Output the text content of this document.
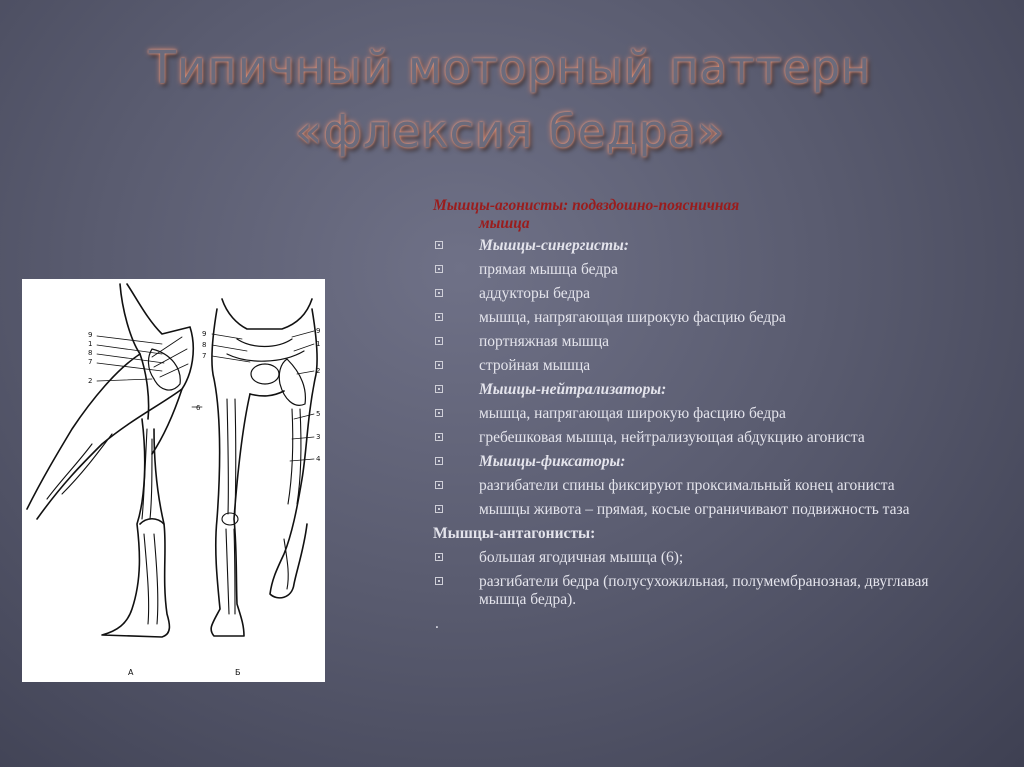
Типичный моторный паттерн
«флексия бедра»
9
1
8
7
2
6
9
8
7
9
1
2
5
3
4
А	Б
Мышцы-агонисты: подвздошно-поясничная
мышца
Мышцы-синергисты:
прямая мышца бедра
аддукторы бедра
мышца, напрягающая широкую фасцию бедра
портняжная мышца
стройная мышца
Мышцы-нейтрализаторы:
мышца, напрягающая широкую фасцию бедра
гребешковая мышца, нейтрализующая абдукцию агониста
Мышцы-фиксаторы:
разгибатели спины фиксируют проксимальный конец агониста
мышцы живота – прямая, косые ограничивают подвижность таза
Мышцы-антагонисты:
большая ягодичная мышца (6);
разгибатели бедра (полусухожильная, полумембранозная, двуглавая мышца бедра).
.
